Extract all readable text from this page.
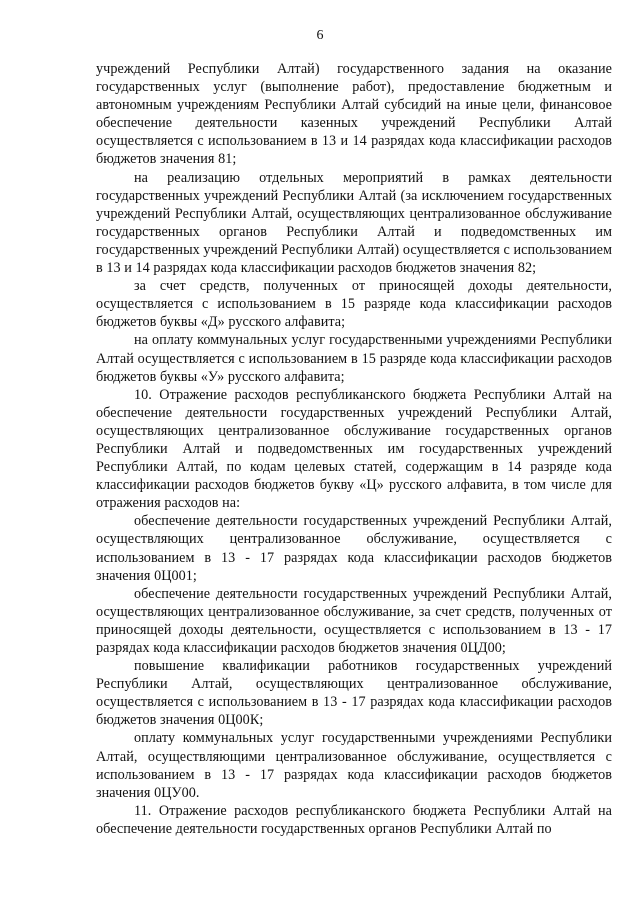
6

учреждений Республики Алтай) государственного задания на оказание государственных услуг (выполнение работ), предоставление бюджетным и автономным учреждениям Республики Алтай субсидий на иные цели, финансовое обеспечение деятельности казенных учреждений Республики Алтай осуществляется с использованием в 13 и 14 разрядах кода классификации расходов бюджетов значения 81;

на реализацию отдельных мероприятий в рамках деятельности государственных учреждений Республики Алтай (за исключением государственных учреждений Республики Алтай, осуществляющих централизованное обслуживание государственных органов Республики Алтай и подведомственных им государственных учреждений Республики Алтай) осуществляется с использованием в 13 и 14 разрядах кода классификации расходов бюджетов значения 82;

за счет средств, полученных от приносящей доходы деятельности, осуществляется с использованием в 15 разряде кода классификации расходов бюджетов буквы «Д» русского алфавита;

на оплату коммунальных услуг государственными учреждениями Республики Алтай осуществляется с использованием в 15 разряде кода классификации расходов бюджетов буквы «У» русского алфавита;

10. Отражение расходов республиканского бюджета Республики Алтай на обеспечение деятельности государственных учреждений Республики Алтай, осуществляющих централизованное обслуживание государственных органов Республики Алтай и подведомственных им государственных учреждений Республики Алтай, по кодам целевых статей, содержащим в 14 разряде кода классификации расходов бюджетов букву «Ц» русского алфавита, в том числе для отражения расходов на:

обеспечение деятельности государственных учреждений Республики Алтай, осуществляющих централизованное обслуживание, осуществляется с использованием в 13 - 17 разрядах кода классификации расходов бюджетов значения 0Ц001;

обеспечение деятельности государственных учреждений Республики Алтай, осуществляющих централизованное обслуживание, за счет средств, полученных от приносящей доходы деятельности, осуществляется с использованием в 13 - 17 разрядах кода классификации расходов бюджетов значения 0ЦД00;

повышение квалификации работников государственных учреждений Республики Алтай, осуществляющих централизованное обслуживание, осуществляется с использованием в 13 - 17 разрядах кода классификации расходов бюджетов значения 0Ц00К;

оплату коммунальных услуг государственными учреждениями Республики Алтай, осуществляющими централизованное обслуживание, осуществляется с использованием в 13 - 17 разрядах кода классификации расходов бюджетов значения 0ЦУ00.

11. Отражение расходов республиканского бюджета Республики Алтай на обеспечение деятельности государственных органов Республики Алтай по
